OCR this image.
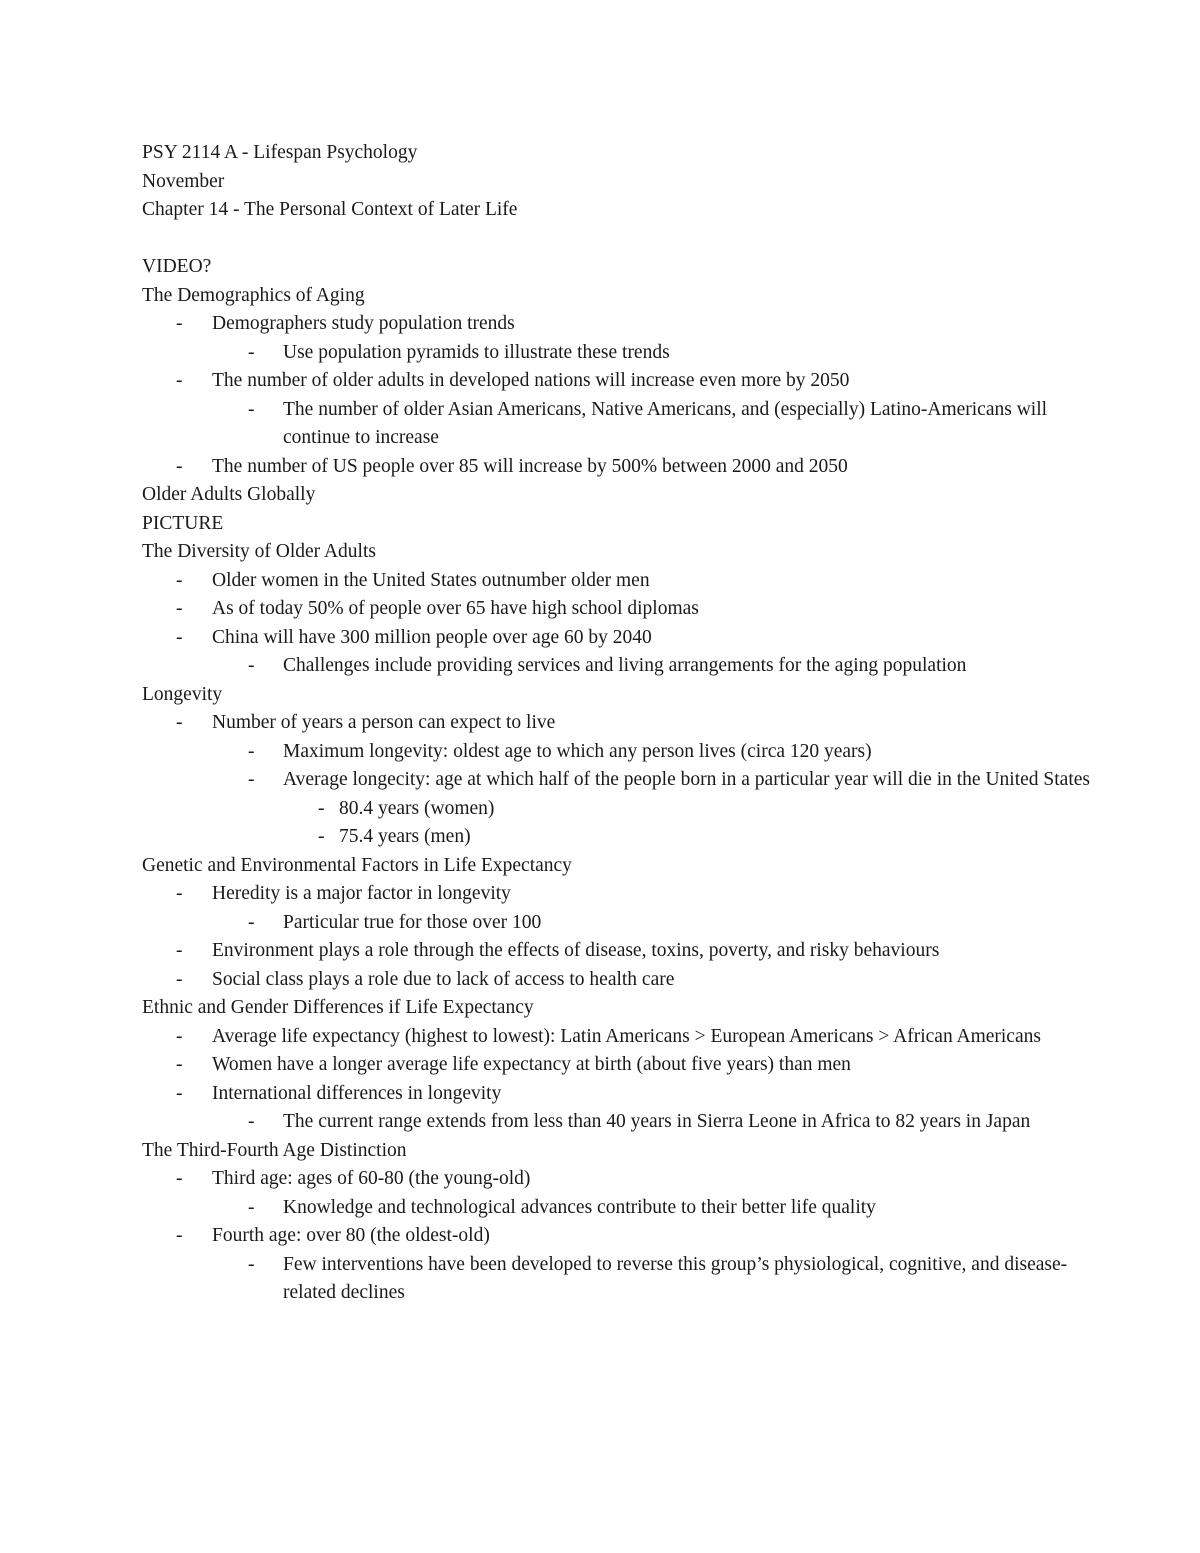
PSY 2114 A - Lifespan Psychology
November
Chapter 14 - The Personal Context of Later Life
VIDEO?
The Demographics of Aging
- Demographers study population trends
- Use population pyramids to illustrate these trends
- The number of older adults in developed nations will increase even more by 2050
- The number of older Asian Americans, Native Americans, and (especially) Latino-Americans will continue to increase
- The number of US people over 85 will increase by 500% between 2000 and 2050
Older Adults Globally
PICTURE
The Diversity of Older Adults
- Older women in the United States outnumber older men
- As of today 50% of people over 65 have high school diplomas
- China will have 300 million people over age 60 by 2040
- Challenges include providing services and living arrangements for the aging population
Longevity
- Number of years a person can expect to live
- Maximum longevity: oldest age to which any person lives (circa 120 years)
- Average longecity: age at which half of the people born in a particular year will die in the United States
- 80.4 years (women)
- 75.4 years (men)
Genetic and Environmental Factors in Life Expectancy
- Heredity is a major factor in longevity
- Particular true for those over 100
- Environment plays a role through the effects of disease, toxins, poverty, and risky behaviours
- Social class plays a role due to lack of access to health care
Ethnic and Gender Differences if Life Expectancy
- Average life expectancy (highest to lowest): Latin Americans > European Americans > African Americans
- Women have a longer average life expectancy at birth (about five years) than men
- International differences in longevity
- The current range extends from less than 40 years in Sierra Leone in Africa to 82 years in Japan
The Third-Fourth Age Distinction
- Third age: ages of 60-80 (the young-old)
- Knowledge and technological advances contribute to their better life quality
- Fourth age: over 80 (the oldest-old)
- Few interventions have been developed to reverse this group’s physiological, cognitive, and disease-related declines
